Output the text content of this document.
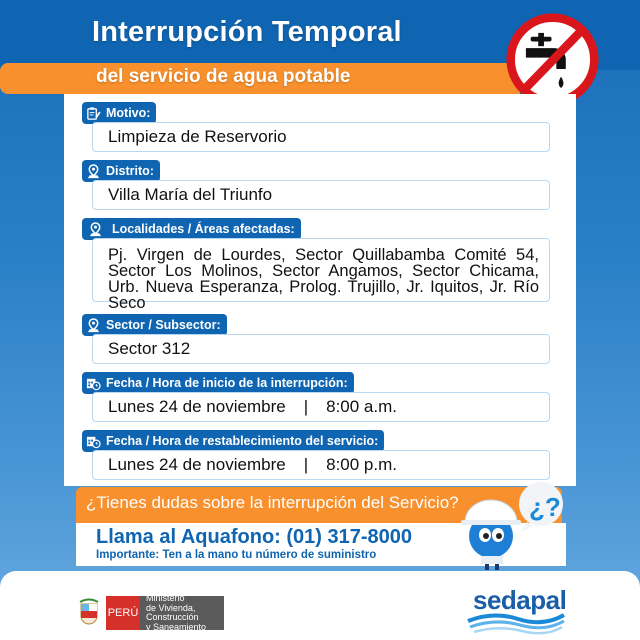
Interrupción Temporal
del servicio de agua potable
Motivo:
Limpieza de Reservorio
Distrito:
Villa María del Triunfo
Localidades / Áreas afectadas:
Pj. Virgen de Lourdes, Sector Quillabamba Comité 54, Sector Los Molinos, Sector Angamos, Sector Chicama, Urb. Nueva Esperanza, Prolog. Trujillo, Jr. Iquitos, Jr. Río Seco
Sector / Subsector:
Sector 312
Fecha / Hora de inicio de la interrupción:
Lunes 24 de noviembre | 8:00 a.m.
Fecha / Hora de restablecimiento del servicio:
Lunes 24 de noviembre | 8:00 p.m.
¿Tienes dudas sobre la interrupción del Servicio?
Llama al Aquafono: (01) 317-8000
Importante: Ten a la mano tu número de suministro
¿?
PERÚ
Ministerio
de Vivienda, Construcción
y Saneamiento
sedapal
